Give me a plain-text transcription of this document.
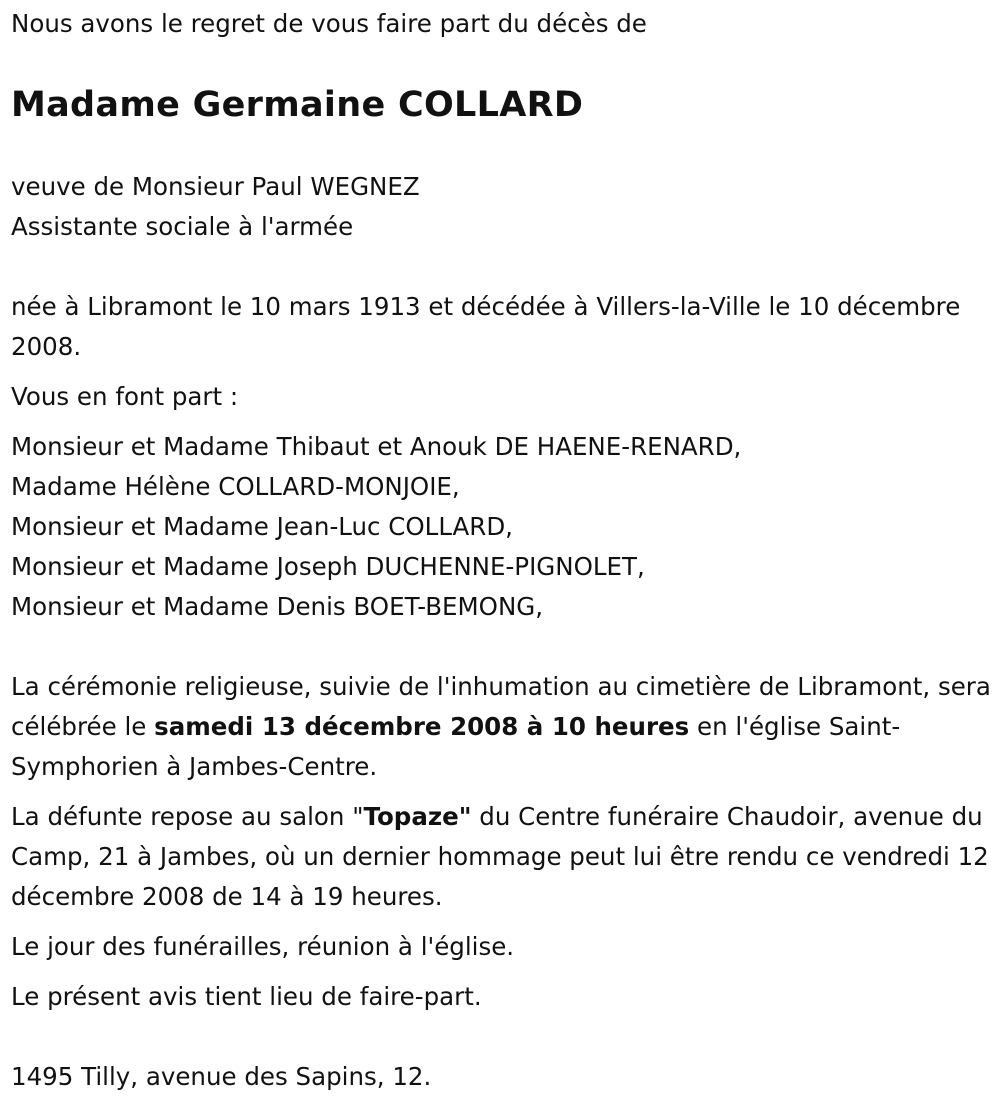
Nous avons le regret de vous faire part du décès de

Madame Germaine COLLARD

veuve de Monsieur Paul WEGNEZ
Assistante sociale à l'armée

née à Libramont le 10 mars 1913 et décédée à Villers-la-Ville le 10 décembre 2008.

Vous en font part :

Monsieur et Madame Thibaut et Anouk DE HAENE-RENARD,
Madame Hélène COLLARD-MONJOIE,
Monsieur et Madame Jean-Luc COLLARD,
Monsieur et Madame Joseph DUCHENNE-PIGNOLET,
Monsieur et Madame Denis BOET-BEMONG,

La cérémonie religieuse, suivie de l'inhumation au cimetière de Libramont, sera célébrée le samedi 13 décembre 2008 à 10 heures en l'église Saint-Symphorien à Jambes-Centre.

La défunte repose au salon "Topaze" du Centre funéraire Chaudoir, avenue du Camp, 21 à Jambes, où un dernier hommage peut lui être rendu ce vendredi 12 décembre 2008 de 14 à 19 heures.

Le jour des funérailles, réunion à l'église.

Le présent avis tient lieu de faire-part.

1495 Tilly, avenue des Sapins, 12.
